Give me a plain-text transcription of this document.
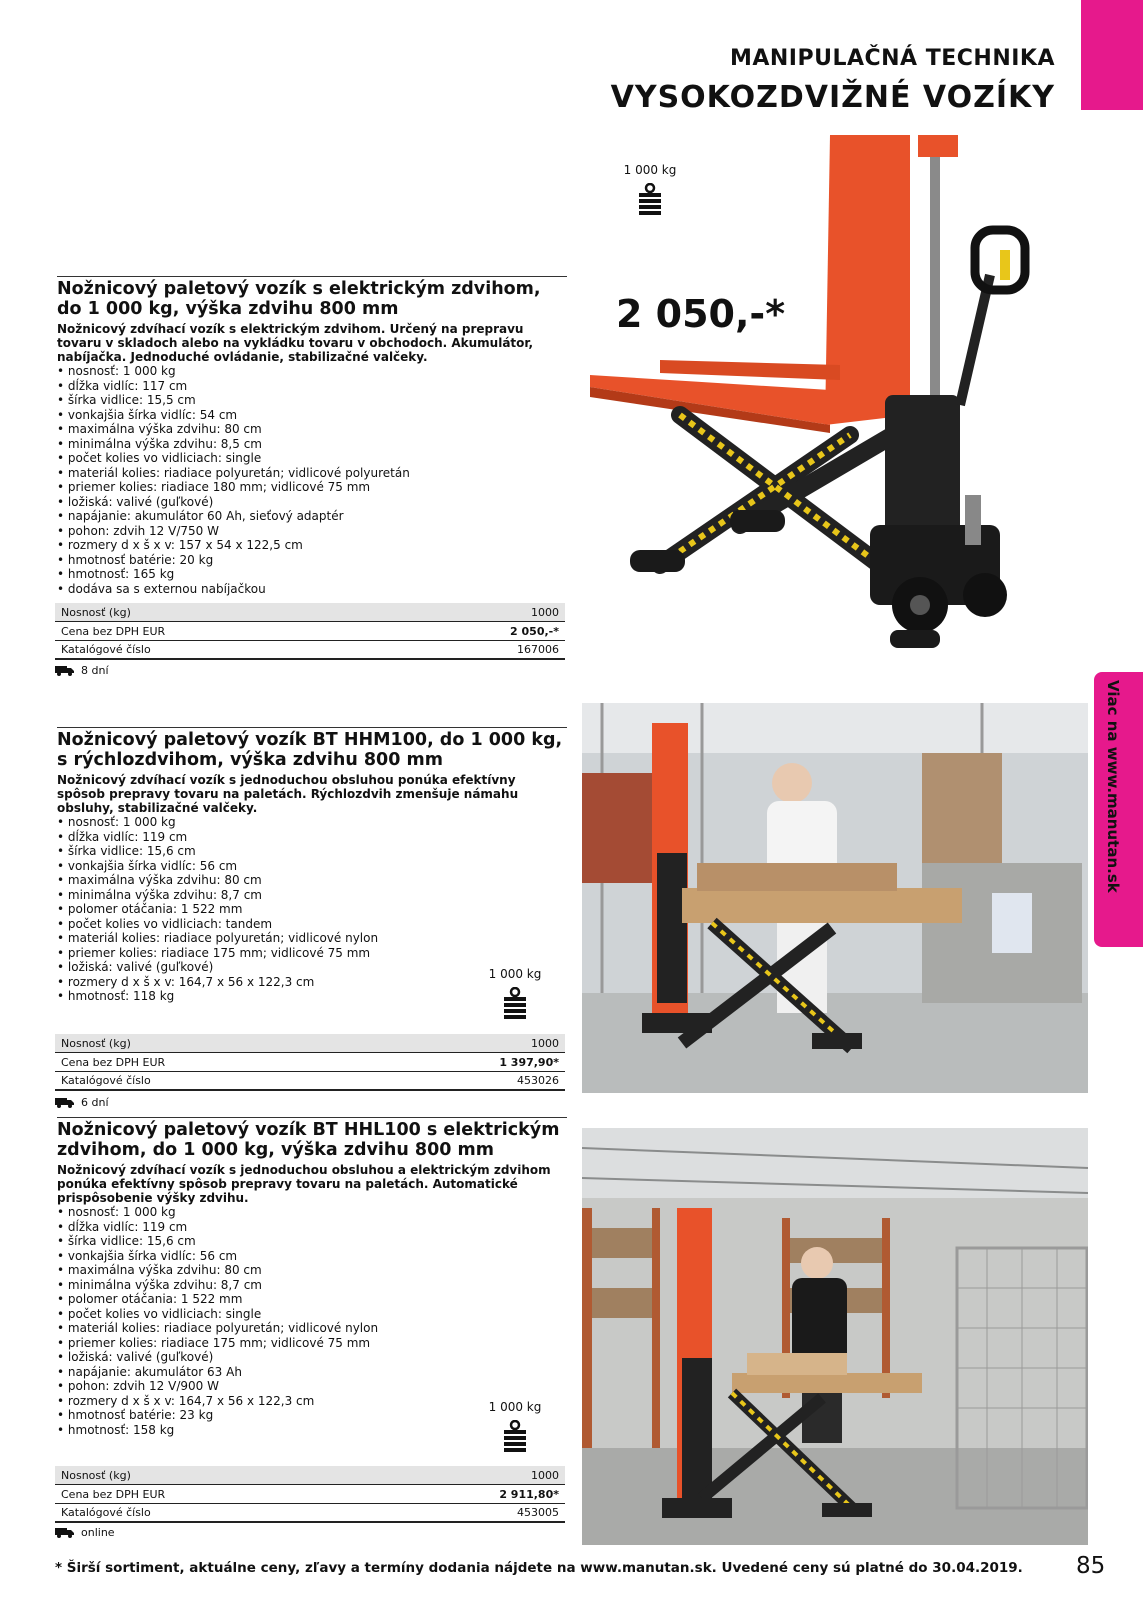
MANIPULAČNÁ TECHNIKA
VYSOKOZDVIŽNÉ VOZÍKY
Viac na www.manutan.sk
Nožnicový paletový vozík s elektrickým zdvihom, do 1 000 kg, výška zdvihu 800 mm

Nožnicový zdvíhací vozík s elektrickým zdvihom. Určený na prepravu tovaru v skladoch alebo na vykládku tovaru v obchodoch. Akumulátor, nabíjačka. Jednoduché ovládanie, stabilizačné valčeky.

• nosnosť: 1 000 kg
• dĺžka vidlíc: 117 cm
• šírka vidlice: 15,5 cm
• vonkajšia šírka vidlíc: 54 cm
• maximálna výška zdvihu: 80 cm
• minimálna výška zdvihu: 8,5 cm
• počet kolies vo vidliciach: single
• materiál kolies: riadiace polyuretán; vidlicové polyuretán
• priemer kolies: riadiace 180 mm; vidlicové 75 mm
• ložiská: valivé (guľkové)
• napájanie: akumulátor 60 Ah, sieťový adaptér
• pohon: zdvih 12 V/750 W
• rozmery d x š x v: 157 x 54 x 122,5 cm
• hmotnosť batérie: 20 kg
• hmotnosť: 165 kg
• dodáva sa s externou nabíjačkou
Nosnosť (kg)	1000
Cena bez DPH EUR	2 050,-*
Katalógové číslo	167006
8 dní
1 000 kg
2 050,-*
Nožnicový paletový vozík BT HHM100, do 1 000 kg, s rýchlozdvihom, výška zdvihu 800 mm

Nožnicový zdvíhací vozík s jednoduchou obsluhou ponúka efektívny spôsob prepravy tovaru na paletách. Rýchlozdvih zmenšuje námahu obsluhy, stabilizačné valčeky.

• nosnosť: 1 000 kg
• dĺžka vidlíc: 119 cm
• šírka vidlice: 15,6 cm
• vonkajšia šírka vidlíc: 56 cm
• maximálna výška zdvihu: 80 cm
• minimálna výška zdvihu: 8,7 cm
• polomer otáčania: 1 522 mm
• počet kolies vo vidliciach: tandem
• materiál kolies: riadiace polyuretán; vidlicové nylon
• priemer kolies: riadiace 175 mm; vidlicové 75 mm
• ložiská: valivé (guľkové)
• rozmery d x š x v: 164,7 x 56 x 122,3 cm
• hmotnosť: 118 kg
1 000 kg
Nosnosť (kg)	1000
Cena bez DPH EUR	1 397,90*
Katalógové číslo	453026
6 dní
Nožnicový paletový vozík BT HHL100 s elektrickým zdvihom, do 1 000 kg, výška zdvihu 800 mm

Nožnicový zdvíhací vozík s jednoduchou obsluhou a elektrickým zdvihom ponúka efektívny spôsob prepravy tovaru na paletách. Automatické prispôsobenie výšky zdvihu.

• nosnosť: 1 000 kg
• dĺžka vidlíc: 119 cm
• šírka vidlice: 15,6 cm
• vonkajšia šírka vidlíc: 56 cm
• maximálna výška zdvihu: 80 cm
• minimálna výška zdvihu: 8,7 cm
• polomer otáčania: 1 522 mm
• počet kolies vo vidliciach: single
• materiál kolies: riadiace polyuretán; vidlicové nylon
• priemer kolies: riadiace 175 mm; vidlicové 75 mm
• ložiská: valivé (guľkové)
• napájanie: akumulátor 63 Ah
• pohon: zdvih 12 V/900 W
• rozmery d x š x v: 164,7 x 56 x 122,3 cm
• hmotnosť batérie: 23 kg
• hmotnosť: 158 kg
1 000 kg
Nosnosť (kg)	1000
Cena bez DPH EUR	2 911,80*
Katalógové číslo	453005
online
* Širší sortiment, aktuálne ceny, zľavy a termíny dodania nájdete na www.manutan.sk. Uvedené ceny sú platné do 30.04.2019. 85
